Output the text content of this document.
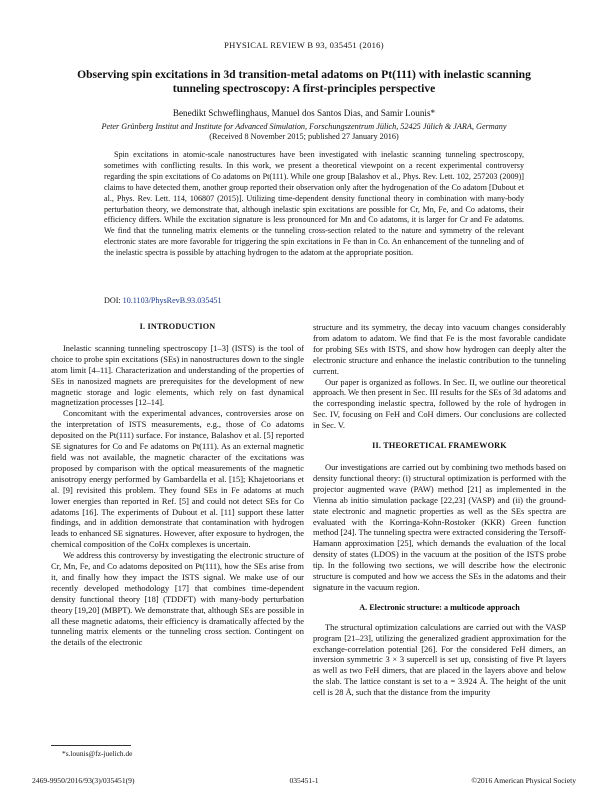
PHYSICAL REVIEW B 93, 035451 (2016)
Observing spin excitations in 3d transition-metal adatoms on Pt(111) with inelastic scanning tunneling spectroscopy: A first-principles perspective
Benedikt Schweflinghaus, Manuel dos Santos Dias, and Samir Lounis*
Peter Grünberg Institut and Institute for Advanced Simulation, Forschungszentrum Jülich, 52425 Jülich & JARA, Germany
(Received 8 November 2015; published 27 January 2016)
Spin excitations in atomic-scale nanostructures have been investigated with inelastic scanning tunneling spectroscopy, sometimes with conflicting results. In this work, we present a theoretical viewpoint on a recent experimental controversy regarding the spin excitations of Co adatoms on Pt(111). While one group [Balashov et al., Phys. Rev. Lett. 102, 257203 (2009)] claims to have detected them, another group reported their observation only after the hydrogenation of the Co adatom [Dubout et al., Phys. Rev. Lett. 114, 106807 (2015)]. Utilizing time-dependent density functional theory in combination with many-body perturbation theory, we demonstrate that, although inelastic spin excitations are possible for Cr, Mn, Fe, and Co adatoms, their efficiency differs. While the excitation signature is less pronounced for Mn and Co adatoms, it is larger for Cr and Fe adatoms. We find that the tunneling matrix elements or the tunneling cross-section related to the nature and symmetry of the relevant electronic states are more favorable for triggering the spin excitations in Fe than in Co. An enhancement of the tunneling and of the inelastic spectra is possible by attaching hydrogen to the adatom at the appropriate position.
DOI: 10.1103/PhysRevB.93.035451
I. INTRODUCTION

Inelastic scanning tunneling spectroscopy [1–3] (ISTS) is the tool of choice to probe spin excitations (SEs) in nanostructures down to the single atom limit [4–11]. Characterization and understanding of the properties of SEs in nanosized magnets are prerequisites for the development of new magnetic storage and logic elements, which rely on fast dynamical magnetization processes [12–14].

Concomitant with the experimental advances, controversies arose on the interpretation of ISTS measurements, e.g., those of Co adatoms deposited on the Pt(111) surface. For instance, Balashov et al. [5] reported SE signatures for Co and Fe adatoms on Pt(111). As an external magnetic field was not available, the magnetic character of the excitations was proposed by comparison with the optical measurements of the magnetic anisotropy energy performed by Gambardella et al. [15]; Khajetoorians et al. [9] revisited this problem. They found SEs in Fe adatoms at much lower energies than reported in Ref. [5] and could not detect SEs for Co adatoms [16]. The experiments of Dubout et al. [11] support these latter findings, and in addition demonstrate that contamination with hydrogen leads to enhanced SE signatures. However, after exposure to hydrogen, the chemical composition of the CoHx complexes is uncertain.

We address this controversy by investigating the electronic structure of Cr, Mn, Fe, and Co adatoms deposited on Pt(111), how the SEs arise from it, and finally how they impact the ISTS signal. We make use of our recently developed methodology [17] that combines time-dependent density functional theory [18] (TDDFT) with many-body perturbation theory [19,20] (MBPT). We demonstrate that, although SEs are possible in all these magnetic adatoms, their efficiency is dramatically affected by the tunneling matrix elements or the tunneling cross section. Contingent on the details of the electronic

structure and its symmetry, the decay into vacuum changes considerably from adatom to adatom. We find that Fe is the most favorable candidate for probing SEs with ISTS, and show how hydrogen can deeply alter the electronic structure and enhance the inelastic contribution to the tunneling current.

Our paper is organized as follows. In Sec. II, we outline our theoretical approach. We then present in Sec. III results for the SEs of 3d adatoms and the corresponding inelastic spectra, followed by the role of hydrogen in Sec. IV, focusing on FeH and CoH dimers. Our conclusions are collected in Sec. V.

II. THEORETICAL FRAMEWORK

Our investigations are carried out by combining two methods based on density functional theory: (i) structural optimization is performed with the projector augmented wave (PAW) method [21] as implemented in the Vienna ab initio simulation package [22,23] (VASP) and (ii) the ground-state electronic and magnetic properties as well as the SEs spectra are evaluated with the Korringa-Kohn-Rostoker (KKR) Green function method [24]. The tunneling spectra were extracted considering the Tersoff-Hamann approximation [25], which demands the evaluation of the local density of states (LDOS) in the vacuum at the position of the ISTS probe tip. In the following two sections, we will describe how the electronic structure is computed and how we access the SEs in the adatoms and their signature in the vacuum region.

A. Electronic structure: a multicode approach

The structural optimization calculations are carried out with the VASP program [21–23], utilizing the generalized gradient approximation for the exchange-correlation potential [26]. For the considered FeH dimers, an inversion symmetric 3 × 3 supercell is set up, consisting of five Pt layers as well as two FeH dimers, that are placed in the layers above and below the slab. The lattice constant is set to a = 3.924 Å. The height of the unit cell is 28 Å, such that the distance from the impurity

*s.lounis@fz-juelich.de
2469-9950/2016/93(3)/035451(9)	035451-1	©2016 American Physical Society
